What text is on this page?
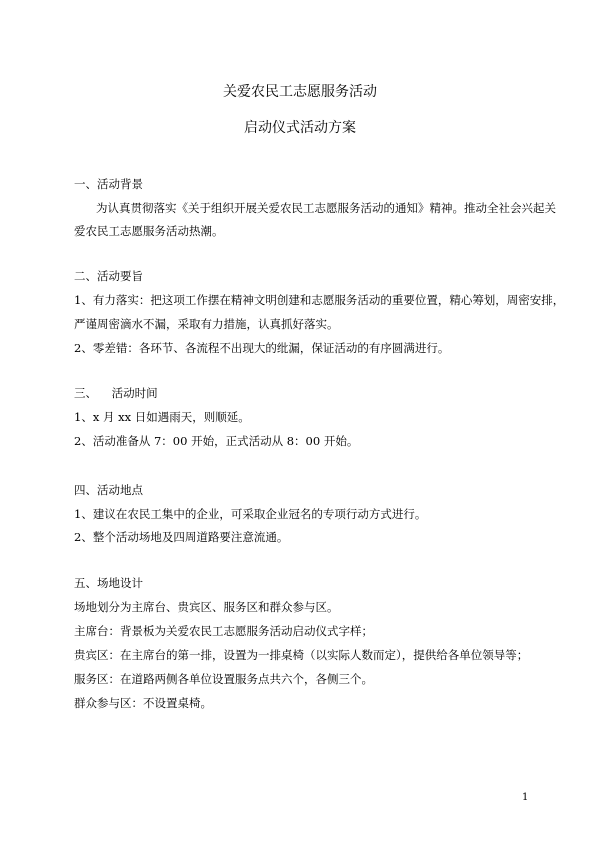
关爱农民工志愿服务活动
启动仪式活动方案
一、活动背景
为认真贯彻落实《关于组织开展关爱农民工志愿服务活动的通知》精神。推动全社会兴起关
爱农民工志愿服务活动热潮。
二、活动要旨
1、有力落实：把这项工作摆在精神文明创建和志愿服务活动的重要位置，精心筹划，周密安排，
严谨周密滴水不漏，采取有力措施，认真抓好落实。
2、零差错：各环节、各流程不出现大的纰漏，保证活动的有序圆满进行。
三、    活动时间
1、x 月 xx 日如遇雨天，则顺延。
2、活动准备从 7：00 开始，正式活动从 8：00 开始。
四、活动地点
1、建议在农民工集中的企业，可采取企业冠名的专项行动方式进行。
2、整个活动场地及四周道路要注意流通。
五、场地设计
场地划分为主席台、贵宾区、服务区和群众参与区。
主席台：背景板为关爱农民工志愿服务活动启动仪式字样；
贵宾区：在主席台的第一排，设置为一排桌椅（以实际人数而定），提供给各单位领导等；
服务区：在道路两侧各单位设置服务点共六个，各侧三个。
群众参与区：不设置桌椅。
1
